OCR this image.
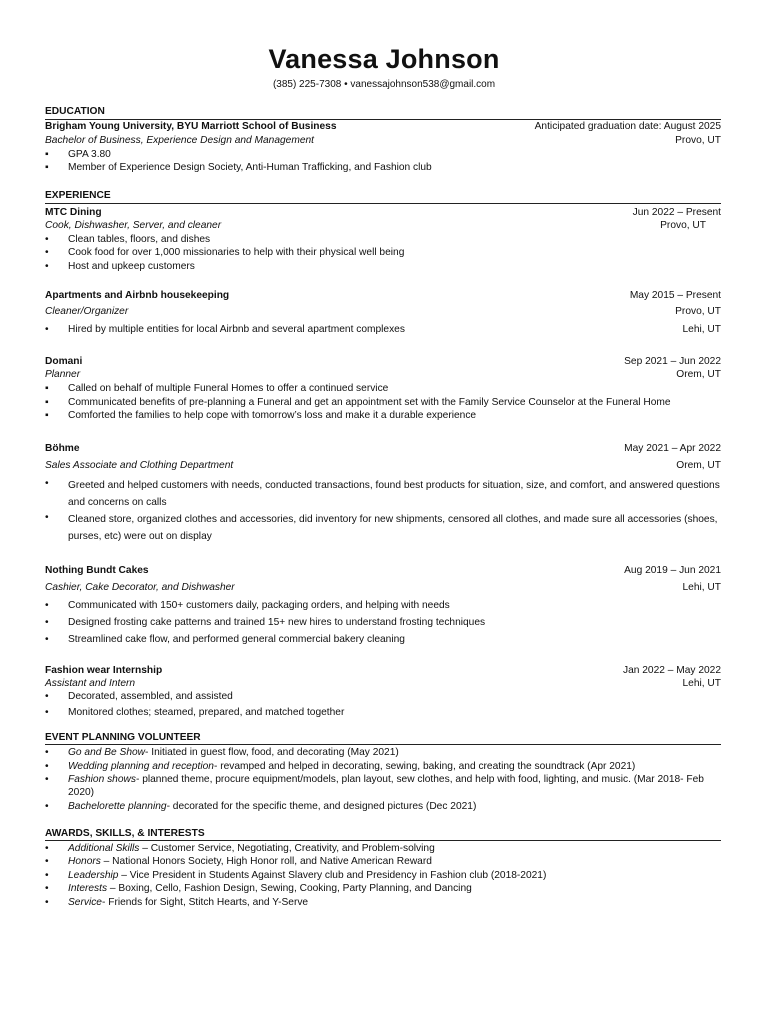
Vanessa Johnson
(385) 225-7308 • vanessajohnson538@gmail.com
EDUCATION
Brigham Young University, BYU Marriott School of Business	Anticipated graduation date: August 2025
Bachelor of Business, Experience Design and Management	Provo, UT
▪ GPA 3.80
▪ Member of Experience Design Society, Anti-Human Trafficking, and Fashion club
EXPERIENCE
MTC Dining	Jun 2022 – Present
Cook, Dishwasher, Server, and cleaner	Provo, UT
• Clean tables, floors, and dishes
• Cook food for over 1,000 missionaries to help with their physical well being
• Host and upkeep customers
Apartments and Airbnb housekeeping	May 2015 – Present
Cleaner/Organizer	Provo, UT
• Hired by multiple entities for local Airbnb and several apartment complexes	Lehi, UT
Domani	Sep 2021 – Jun 2022
Planner	Orem, UT
▪ Called on behalf of multiple Funeral Homes to offer a continued service
▪ Communicated benefits of pre-planning a Funeral and get an appointment set with the Family Service Counselor at the Funeral Home
▪ Comforted the families to help cope with tomorrow’s loss and make it a durable experience
Böhme	May 2021 – Apr 2022
Sales Associate and Clothing Department	Orem, UT
• Greeted and helped customers with needs, conducted transactions, found best products for situation, size, and comfort, and answered questions and concerns on calls
• Cleaned store, organized clothes and accessories, did inventory for new shipments, censored all clothes, and made sure all accessories (shoes, purses, etc) were out on display
Nothing Bundt Cakes	Aug 2019 – Jun 2021
Cashier, Cake Decorator, and Dishwasher	Lehi, UT
• Communicated with 150+ customers daily, packaging orders, and helping with needs
• Designed frosting cake patterns and trained 15+ new hires to understand frosting techniques
• Streamlined cake flow, and performed general commercial bakery cleaning
Fashion wear Internship	Jan 2022 – May 2022
Assistant and Intern	Lehi, UT
• Decorated, assembled, and assisted
• Monitored clothes; steamed, prepared, and matched together
EVENT PLANNING VOLUNTEER
• Go and Be Show- Initiated in guest flow, food, and decorating (May 2021)
• Wedding planning and reception- revamped and helped in decorating, sewing, baking, and creating the soundtrack (Apr 2021)
• Fashion shows- planned theme, procure equipment/models, plan layout, sew clothes, and help with food, lighting, and music. (Mar 2018- Feb 2020)
• Bachelorette planning- decorated for the specific theme, and designed pictures (Dec 2021)
AWARDS, SKILLS, & INTERESTS
• Additional Skills – Customer Service, Negotiating, Creativity, and Problem-solving
• Honors – National Honors Society, High Honor roll, and Native American Reward
• Leadership – Vice President in Students Against Slavery club and Presidency in Fashion club (2018-2021)
• Interests – Boxing, Cello, Fashion Design, Sewing, Cooking, Party Planning, and Dancing
• Service- Friends for Sight, Stitch Hearts, and Y-Serve
